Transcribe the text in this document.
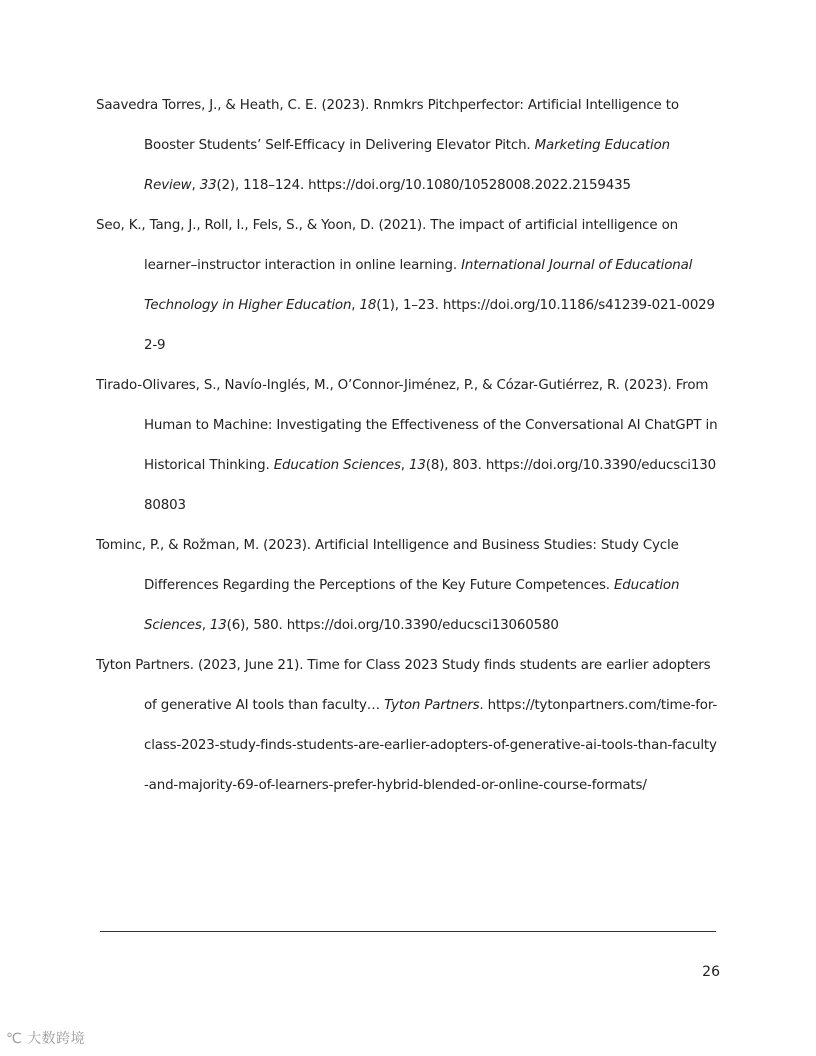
Saavedra Torres, J., & Heath, C. E. (2023). Rnmkrs Pitchperfector: Artificial Intelligence to Booster Students’ Self-Efficacy in Delivering Elevator Pitch. Marketing Education Review, 33(2), 118–124. https://doi.org/10.1080/10528008.2022.2159435

Seo, K., Tang, J., Roll, I., Fels, S., & Yoon, D. (2021). The impact of artificial intelligence on learner–instructor interaction in online learning. International Journal of Educational Technology in Higher Education, 18(1), 1–23. https://doi.org/10.1186/s41239-021-00292-9

Tirado-Olivares, S., Navío-Inglés, M., O’Connor-Jiménez, P., & Cózar-Gutiérrez, R. (2023). From Human to Machine: Investigating the Effectiveness of the Conversational AI ChatGPT in Historical Thinking. Education Sciences, 13(8), 803. https://doi.org/10.3390/educsci13080803

Tominc, P., & Rožman, M. (2023). Artificial Intelligence and Business Studies: Study Cycle Differences Regarding the Perceptions of the Key Future Competences. Education Sciences, 13(6), 580. https://doi.org/10.3390/educsci13060580

Tyton Partners. (2023, June 21). Time for Class 2023 Study finds students are earlier adopters of generative AI tools than faculty… Tyton Partners. https://tytonpartners.com/time-for-class-2023-study-finds-students-are-earlier-adopters-of-generative-ai-tools-than-faculty-and-majority-69-of-learners-prefer-hybrid-blended-or-online-course-formats/

26
℃ 大数跨境
